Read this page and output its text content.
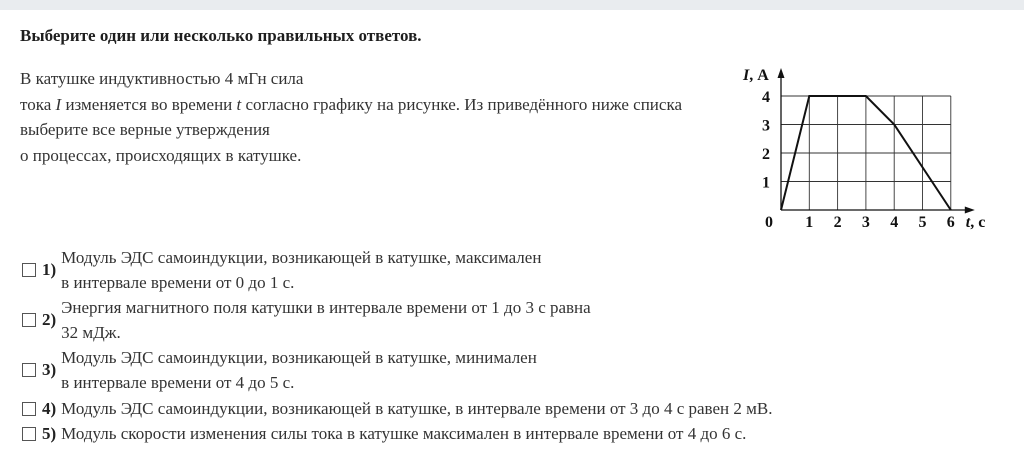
Выберите один или несколько правильных ответов.
В катушке индуктивностью 4 мГн сила
тока I изменяется во времени t согласно графику на рисунке. Из приведённого ниже списка
выберите все верные утверждения
о процессах, происходящих в катушке.
1 2 3 4 5 6
1
2
3
4
0
I, А
t, с
1)
Модуль ЭДС самоиндукции, возникающей в катушке, максимален
в интервале времени от 0 до 1 с.
2)
Энергия магнитного поля катушки в интервале времени от 1 до 3 с равна
32 мДж.
3)
Модуль ЭДС самоиндукции, возникающей в катушке, минимален
в интервале времени от 4 до 5 с.
4) Модуль ЭДС самоиндукции, возникающей в катушке, в интервале времени от 3 до 4 с равен 2 мВ.
5) Модуль скорости изменения силы тока в катушке максимален в интервале времени от 4 до 6 с.
